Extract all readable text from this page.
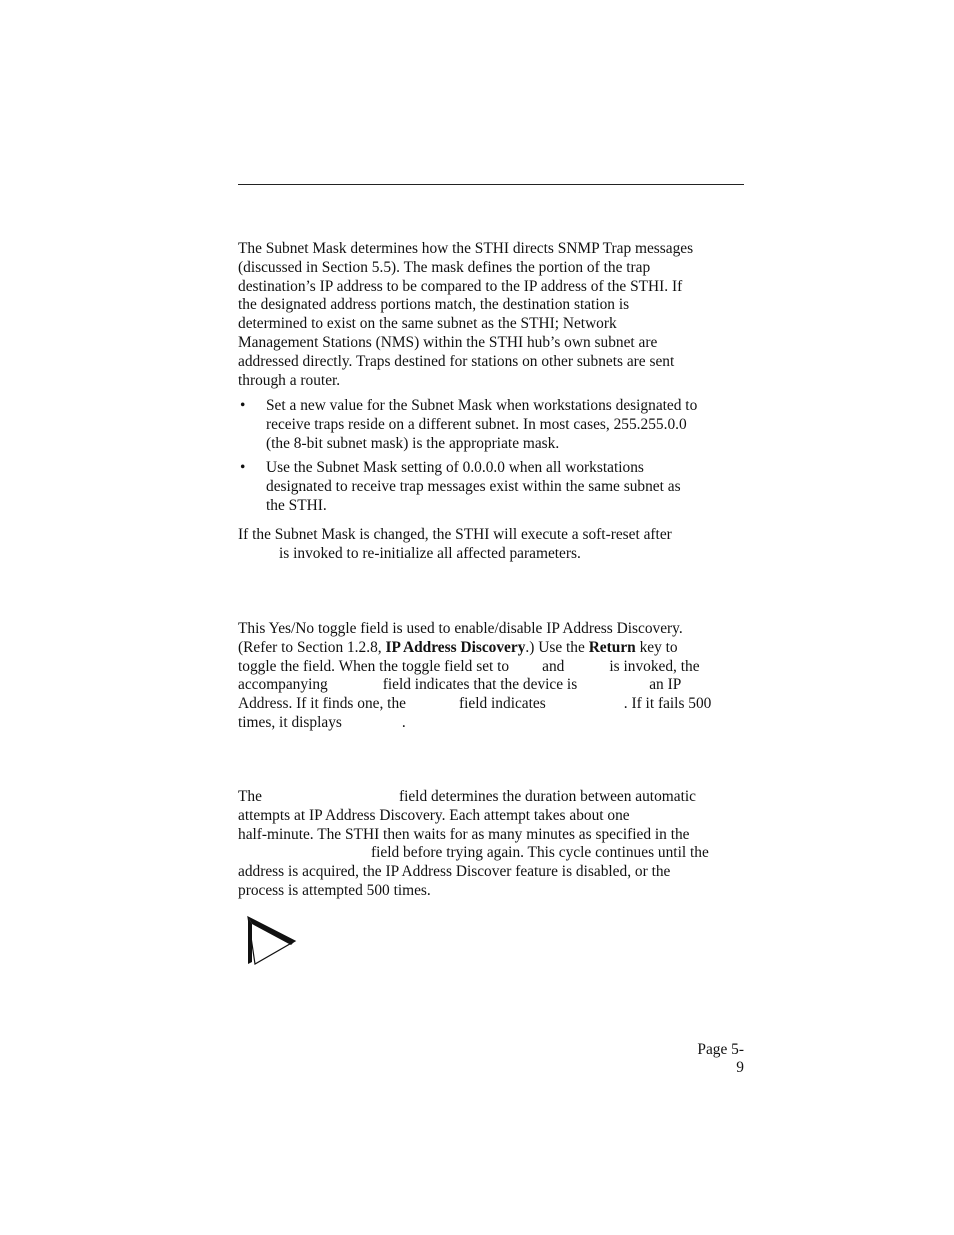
The Subnet Mask determines how the STHI directs SNMP Trap messages
(discussed in Section 5.5). The mask defines the portion of the trap
destination’s IP address to be compared to the IP address of the STHI. If
the designated address portions match, the destination station is
determined to exist on the same subnet as the STHI; Network
Management Stations (NMS) within the STHI hub’s own subnet are
addressed directly. Traps destined for stations on other subnets are sent
through a router.
• Set a new value for the Subnet Mask when workstations designated to
receive traps reside on a different subnet. In most cases, 255.255.0.0
(the 8-bit subnet mask) is the appropriate mask.
• Use the Subnet Mask setting of 0.0.0.0 when all workstations
designated to receive trap messages exist within the same subnet as
the STHI.
If the Subnet Mask is changed, the STHI will execute a soft-reset after
is invoked to re-initialize all affected parameters.
This Yes/No toggle field is used to enable/disable IP Address Discovery.
(Refer to Section 1.2.8, IP Address Discovery.) Use the Return key to
toggle the field. When the toggle field set to and	is invoked, the
accompanying	field indicates that the device is	an IP
Address. If it finds one, the	field indicates	. If it fails 500
times, it displays	.
The	field determines the duration between automatic
attempts at IP Address Discovery. Each attempt takes about one
half-minute. The STHI then waits for as many minutes as specified in the
field before trying again. This cycle continues until the
address is acquired, the IP Address Discover feature is disabled, or the
process is attempted 500 times.
Page 5-9
